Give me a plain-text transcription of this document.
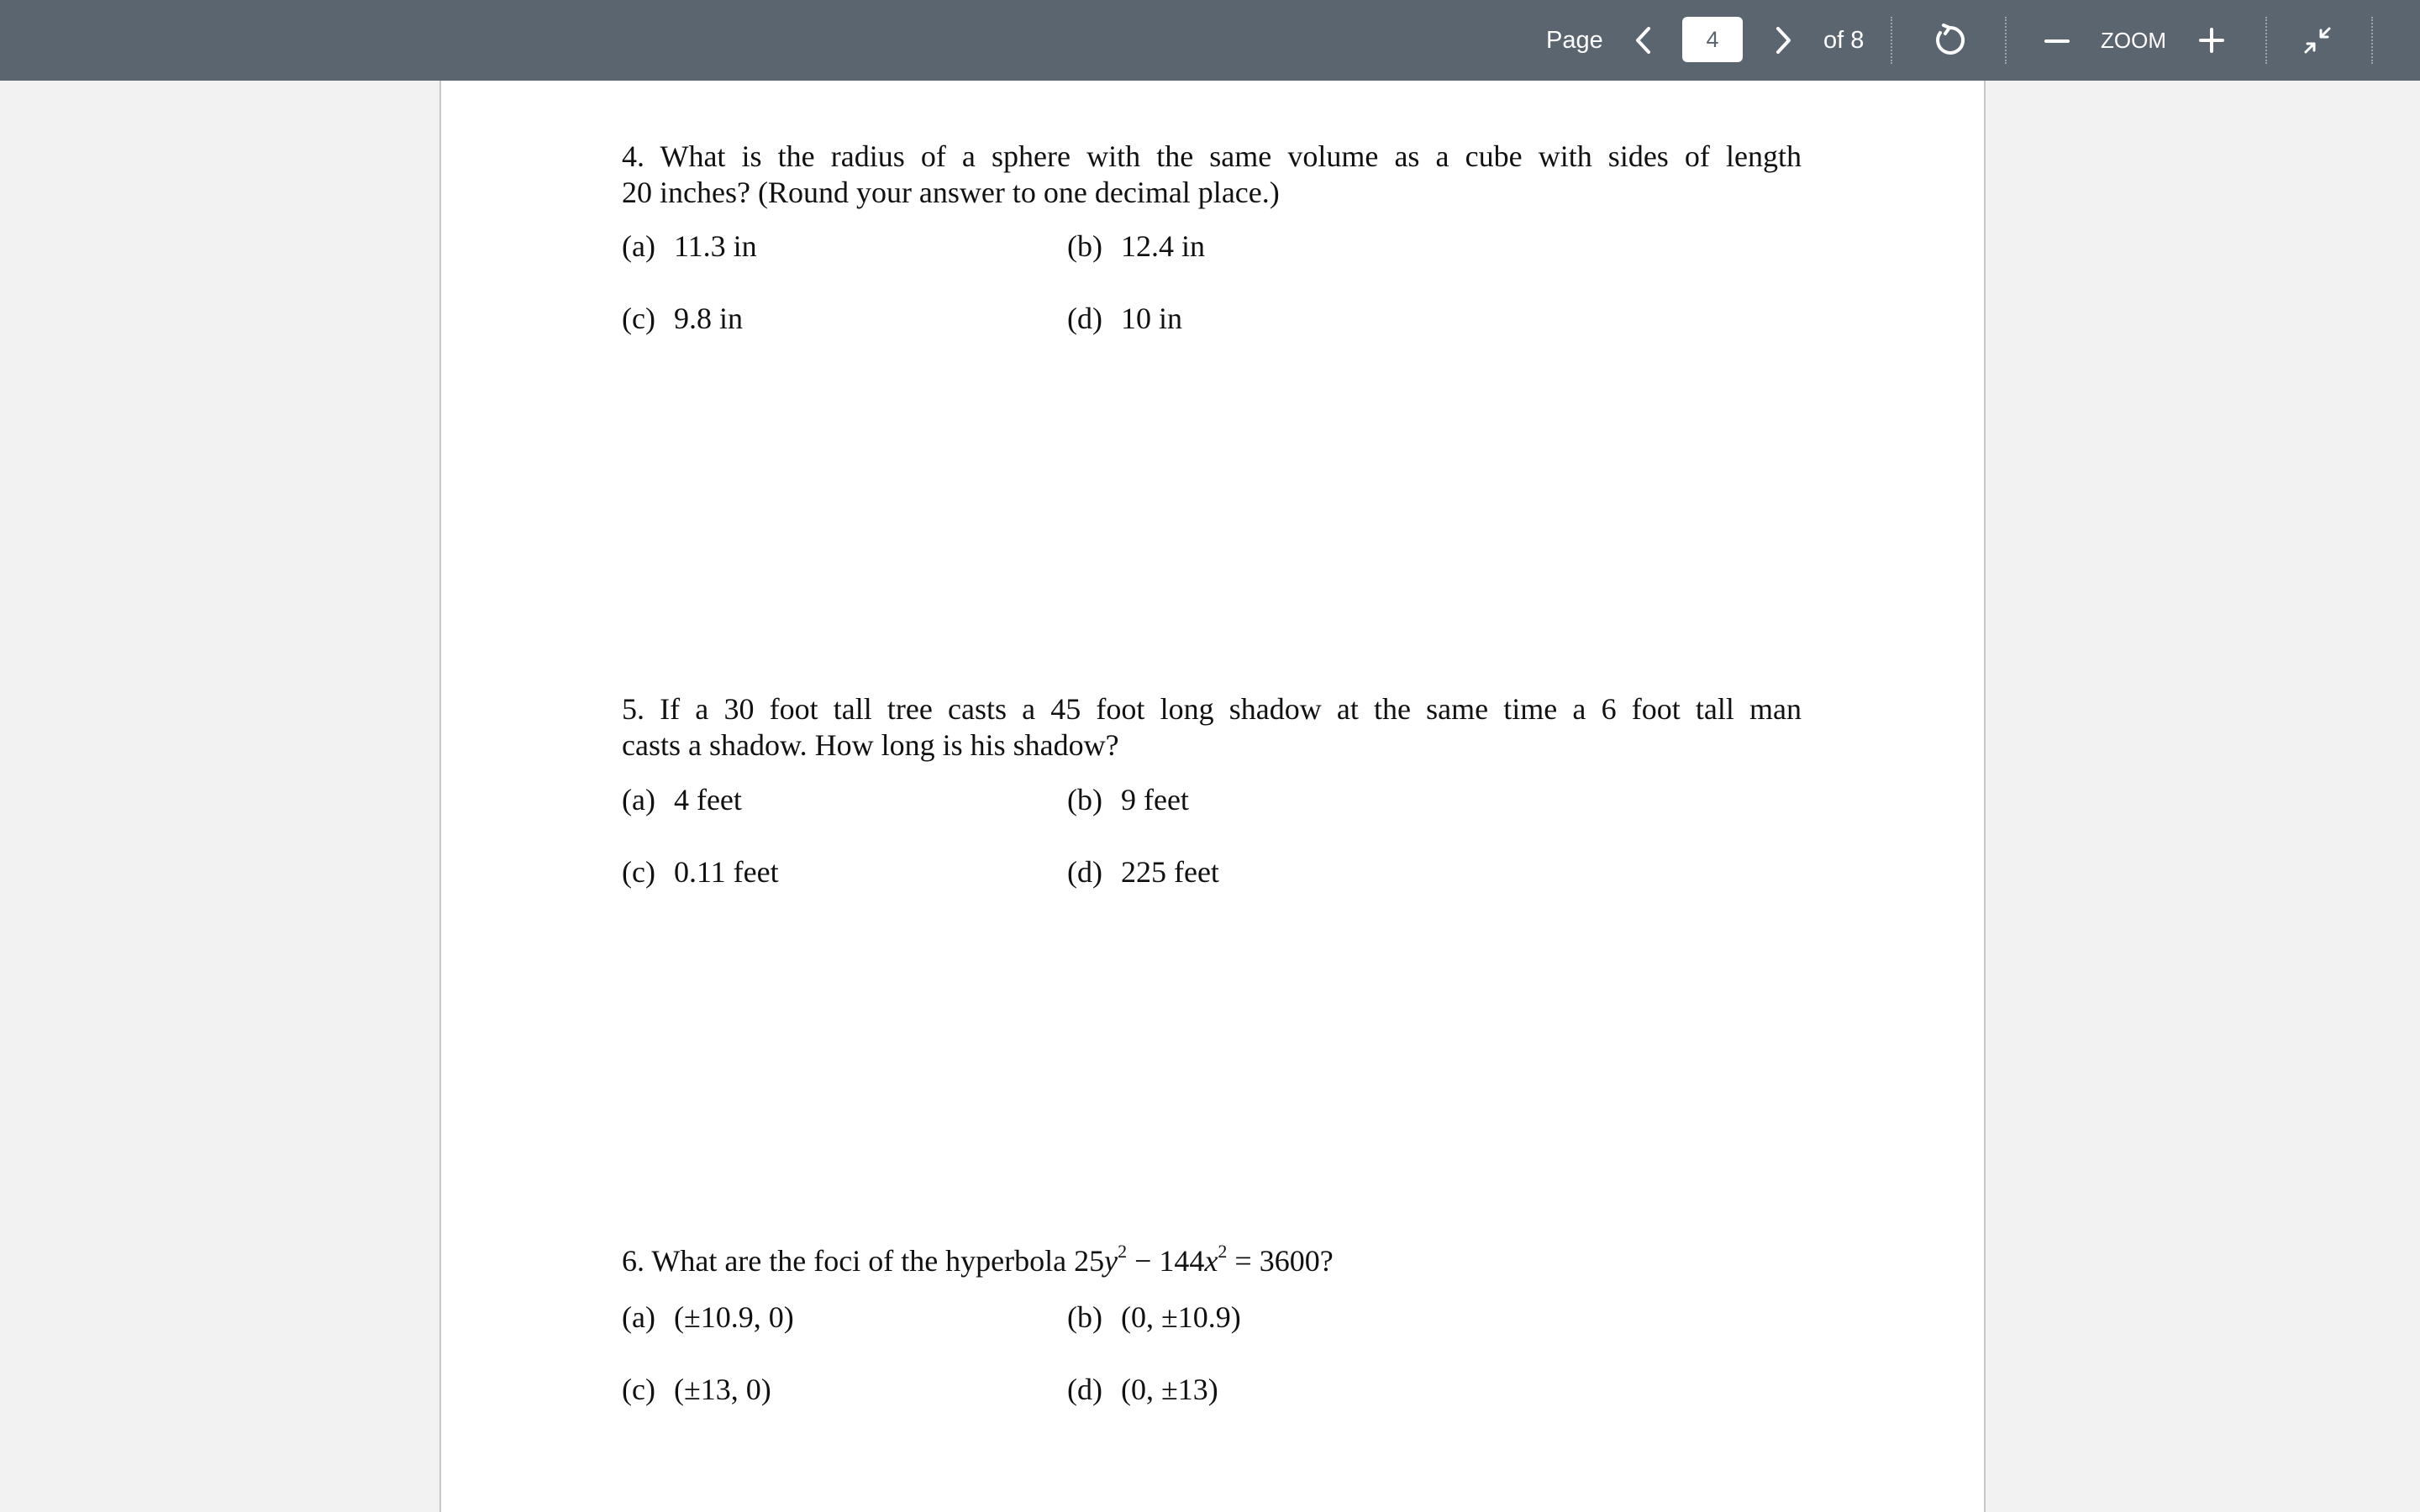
Page
4	of 8	ZOOM
4. What is the radius of a sphere with the same volume as a cube with sides of length
20 inches? (Round your answer to one decimal place.)
(a) 11.3 in	(b) 12.4 in
(c) 9.8 in	(d) 10 in
5. If a 30 foot tall tree casts a 45 foot long shadow at the same time a 6 foot tall man
casts a shadow. How long is his shadow?
(a) 4 feet	(b) 9 feet
(c) 0.11 feet	(d) 225 feet
6. What are the foci of the hyperbola $25y^2 - 144x^2 = 3600$?
(a) (±10.9, 0)	(b) (0, ±10.9)
(c) (±13, 0)	(d) (0, ±13)
